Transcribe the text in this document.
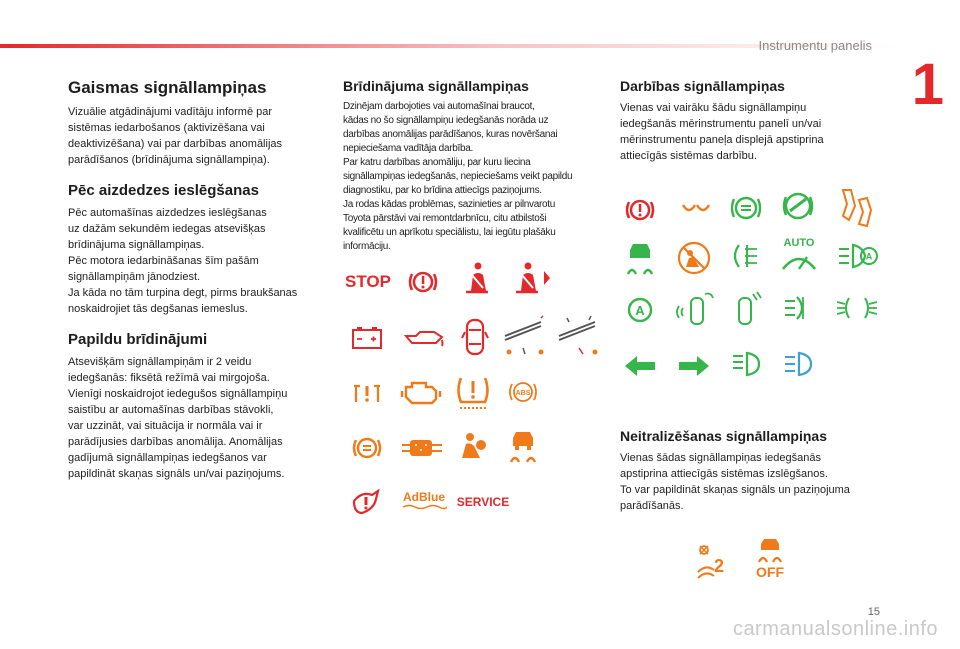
Instrumentu panelis
1
Gaismas signāllampiņas

Vizuālie atgādinājumi vadītāju informē par
sistēmas iedarbošanos (aktivizēšana vai
deaktivizēšana) vai par darbības anomālijas
parādīšanos (brīdinājuma signāllampiņa).

Pēc aizdedzes ieslēgšanas

Pēc automašīnas aizdedzes ieslēgšanas
uz dažām sekundēm iedegas atsevišķas
brīdinājuma signāllampiņas.
Pēc motora iedarbināšanas šīm pašām
signāllampiņām jānodziest.
Ja kāda no tām turpina degt, pirms braukšanas
noskaidrojiet tās degšanas iemeslus.

Papildu brīdinājumi

Atsevišķām signāllampiņām ir 2 veidu
iedegšanās: fiksētā režīmā vai mirgojoša.
Vienīgi noskaidrojot iedegušos signāllampiņu
saistību ar automašīnas darbības stāvokli,
var uzzināt, vai situācija ir normāla vai ir
parādījusies darbības anomālija. Anomālijas
gadījumā signāllampiņas iedegšanos var
papildināt skaņas signāls un/vai paziņojums.

Brīdinājuma signāllampiņas

Dzinējam darbojoties vai automašīnai braucot,
kādas no šo signāllampiņu iedegšanās norāda uz
darbības anomālijas parādīšanos, kuras novēršanai
nepieciešama vadītāja darbība.
Par katru darbības anomāliju, par kuru liecina
signāllampiņas iedegšanās, nepieciešams veikt papildu
diagnostiku, par ko brīdina attiecīgs paziņojums.
Ja rodas kādas problēmas, sazinieties ar pilnvarotu
Toyota pārstāvi vai remontdarbnīcu, citu atbilstoši
kvalificētu un aprīkotu speciālistu, lai iegūtu plašāku
informāciju.

STOP
ABS
AdBlue SERVICE
Darbības signāllampiņas

Vienas vai vairāku šādu signāllampiņu
iedegšanās mērinstrumentu panelī un/vai
mērinstrumentu paneļa displejā apstiprina
attiecīgās sistēmas darbību.

AUTO
A
A
Neitralizēšanas signāllampiņas

Vienas šādas signāllampiņas iedegšanās
apstiprina attiecīgās sistēmas izslēgšanos.
To var papildināt skaņas signāls un paziņojuma
parādīšanās.

2 OFF
15
carmanualsonline.info
